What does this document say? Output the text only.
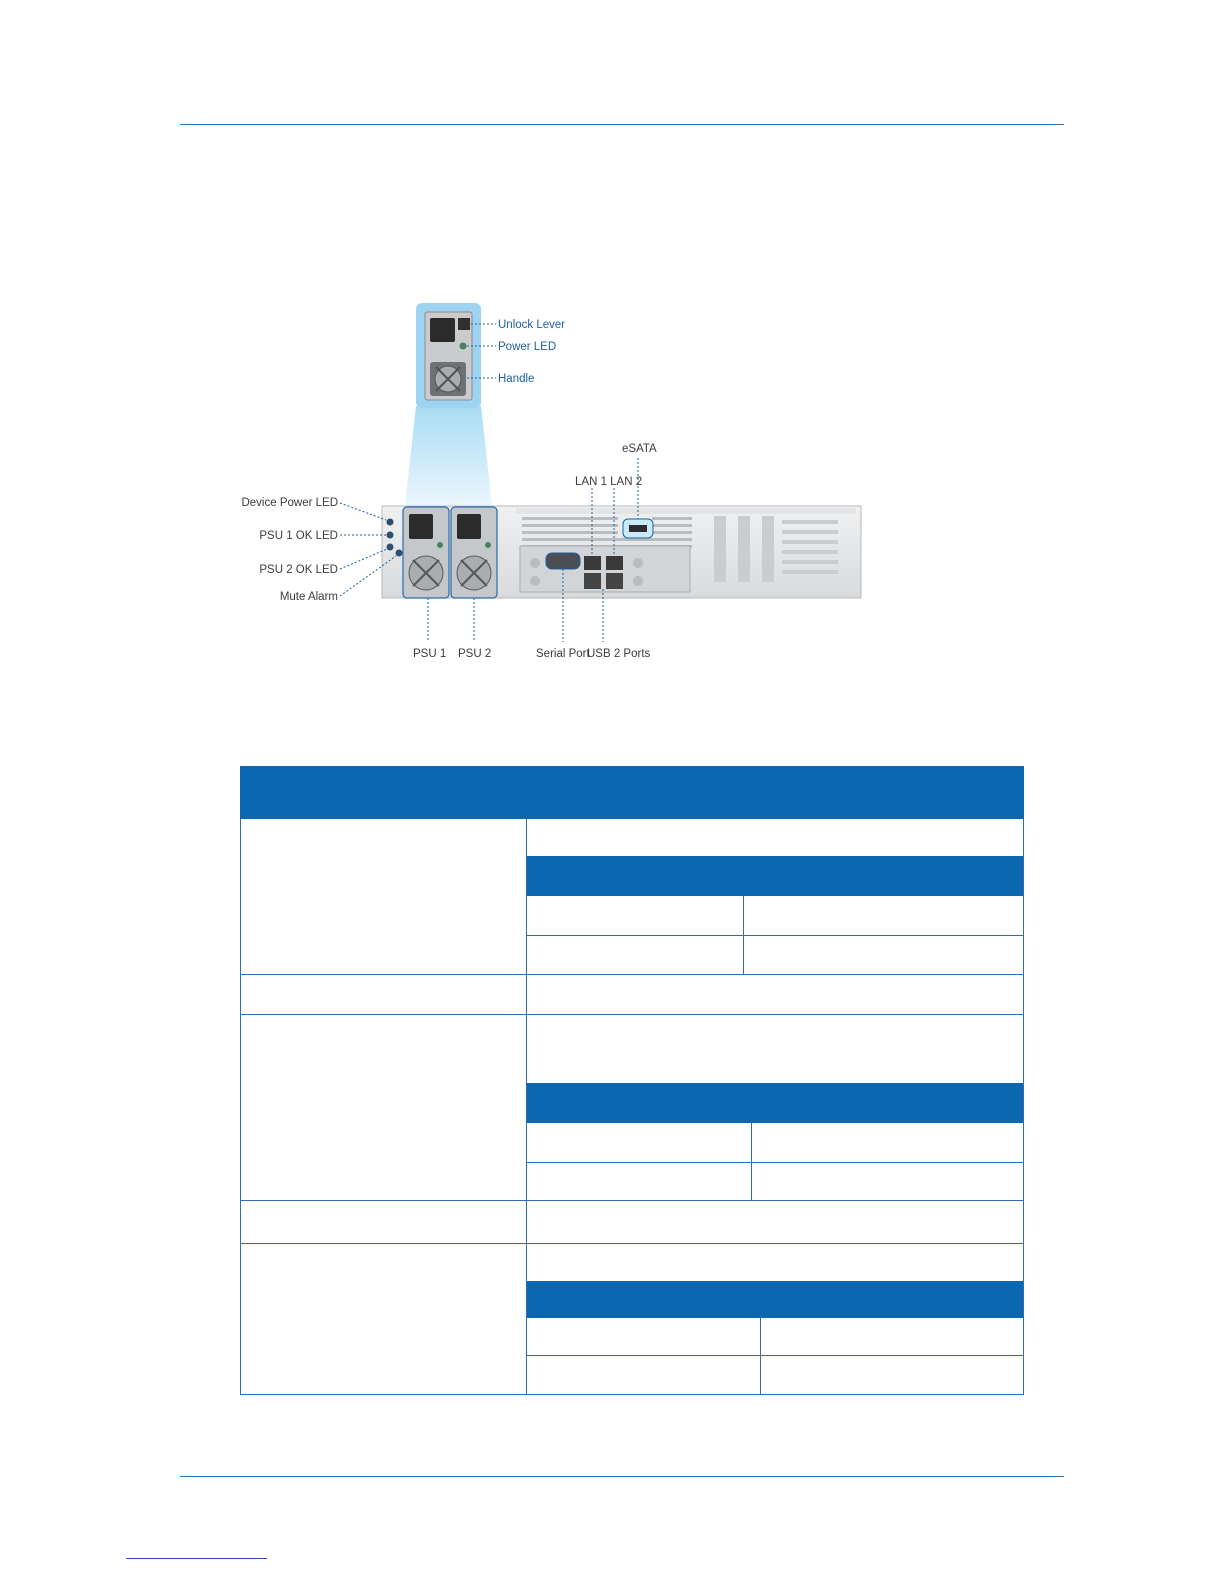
Unlock Lever
Power LED
Handle
Device Power LED
PSU 1 OK LED
PSU 2 OK LED
Mute Alarm
eSATA
LAN 1 LAN 2
PSU 1 PSU 2	Serial Port
USB 2 Ports
